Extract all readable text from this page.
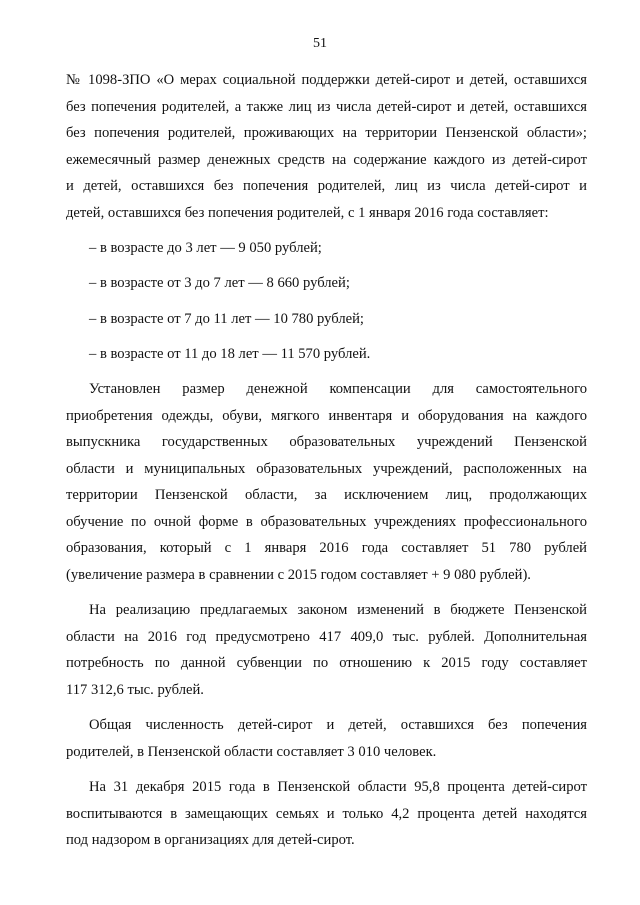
51
№ 1098-ЗПО «О мерах социальной поддержки детей-сирот и детей, оставшихся
без попечения родителей, а также лиц из числа детей-сирот и детей, оставшихся
без попечения родителей, проживающих на территории Пензенской области»;
ежемесячный размер денежных средств на содержание каждого из детей-сирот
и детей, оставшихся без попечения родителей, лиц из числа детей-сирот и
детей, оставшихся без попечения родителей, с 1 января 2016 года составляет:
– в возрасте до 3 лет — 9 050 рублей;
– в возрасте от 3 до 7 лет — 8 660 рублей;
– в возрасте от 7 до 11 лет — 10 780 рублей;
– в возрасте от 11 до 18 лет — 11 570 рублей.
Установлен размер денежной компенсации для самостоятельного
приобретения одежды, обуви, мягкого инвентаря и оборудования на каждого
выпускника государственных образовательных учреждений Пензенской
области и муниципальных образовательных учреждений, расположенных на
территории Пензенской области, за исключением лиц, продолжающих
обучение по очной форме в образовательных учреждениях профессионального
образования, который с 1 января 2016 года составляет 51 780 рублей
(увеличение размера в сравнении с 2015 годом составляет + 9 080 рублей).
На реализацию предлагаемых законом изменений в бюджете Пензенской
области на 2016 год предусмотрено 417 409,0 тыс. рублей. Дополнительная
потребность по данной субвенции по отношению к 2015 году составляет
117 312,6 тыс. рублей.
Общая численность детей-сирот и детей, оставшихся без попечения
родителей, в Пензенской области составляет 3 010 человек.
На 31 декабря 2015 года в Пензенской области 95,8 процента детей-сирот
воспитываются в замещающих семьях и только 4,2 процента детей находятся
под надзором в организациях для детей-сирот.
